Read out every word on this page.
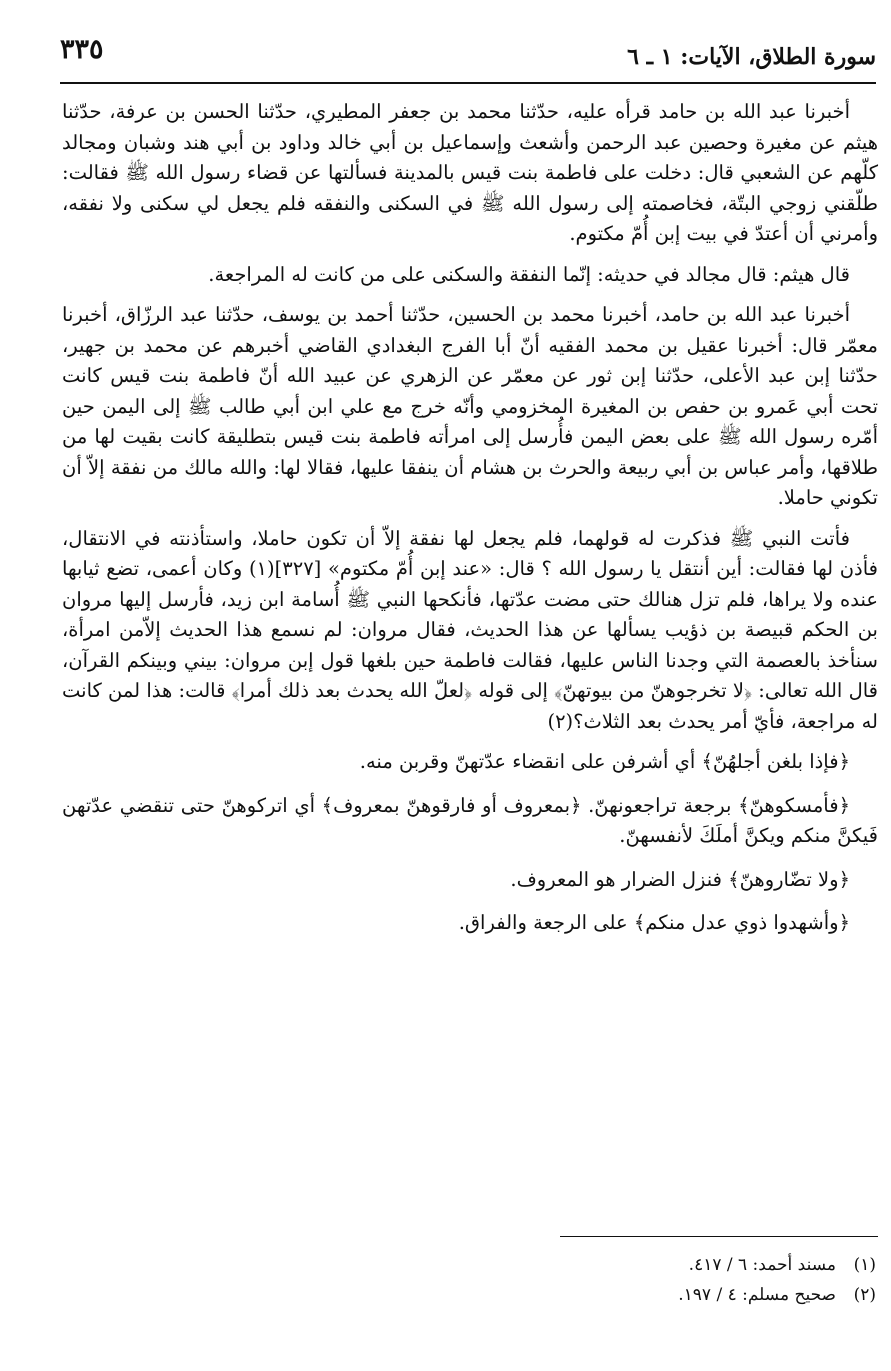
سورة الطلاق، الآيات: ١ ـ ٦
٣٣٥

أخبرنا عبد الله بن حامد قرأه عليه، حدّثنا محمد بن جعفر المطيري، حدّثنا الحسن بن عرفة، حدّثنا هيثم عن مغيرة وحصين عبد الرحمن وأشعث وإسماعيل بن أبي خالد وداود بن أبي هند وشبان ومجالد كلّهم عن الشعبي قال: دخلت على فاطمة بنت قيس بالمدينة فسألتها عن قضاء رسول الله ﷺ فقالت: طلّقني زوجي البتّة، فخاصمته إلى رسول الله ﷺ في السكنى والنفقه فلم يجعل لي سكنى ولا نفقه، وأمرني أن أعتدّ في بيت إبن أُمّ مكتوم.

قال هيثم: قال مجالد في حديثه: إنّما النفقة والسكنى على من كانت له المراجعة.

أخبرنا عبد الله بن حامد، أخبرنا محمد بن الحسين، حدّثنا أحمد بن يوسف، حدّثنا عبد الرزّاق، أخبرنا معمّر قال: أخبرنا عقيل بن محمد الفقيه أنّ أبا الفرج البغدادي القاضي أخبرهم عن محمد بن جهير، حدّثنا إبن عبد الأعلى، حدّثنا إبن ثور عن معمّر عن الزهري عن عبيد الله أنّ فاطمة بنت قيس كانت تحت أبي عَمرو بن حفص بن المغيرة المخزومي وأنّه خرج مع علي ابن أبي طالب ﷺ إلى اليمن حين أمّره رسول الله ﷺ على بعض اليمن فأُرسل إلى امرأته فاطمة بنت قيس بتطليقة كانت بقيت لها من طلاقها، وأمر عباس بن أبي ربيعة والحرث بن هشام أن ينفقا عليها، فقالا لها: والله مالك من نفقة إلاّ أن تكوني حاملا.

فأتت النبي ﷺ فذكرت له قولهما، فلم يجعل لها نفقة إلاّ أن تكون حاملا، واستأذنته في الانتقال، فأذن لها فقالت: أين أنتقل يا رسول الله ؟ قال: «عند إبن أُمّ مكتوم» [٣٢٧](١) وكان أعمى، تضع ثيابها عنده ولا يراها، فلم تزل هنالك حتى مضت عدّتها، فأنكحها النبي ﷺ أُسامة ابن زيد، فأرسل إليها مروان بن الحكم قبيصة بن ذؤيب يسألها عن هذا الحديث، فقال مروان: لم نسمع هذا الحديث إلاّمن امرأة، سنأخذ بالعصمة التي وجدنا الناس عليها، فقالت فاطمة حين بلغها قول إبن مروان: بيني وبينكم القرآن، قال الله تعالى: ﴿لا تخرجوهنّ من بيوتهنّ﴾ إلى قوله ﴿لعلّ الله يحدث بعد ذلك أمرا﴾ قالت: هذا لمن كانت له مراجعة، فأيّ أمر يحدث بعد الثلاث؟(٢)

﴿فإذا بلغن أجلهُنّ﴾ أي أشرفن على انقضاء عدّتهنّ وقربن منه.

﴿فأمسكوهنّ﴾ برجعة تراجعونهنّ. ﴿بمعروف أو فارقوهنّ بمعروف﴾ أي اتركوهنّ حتى تنقضي عدّتهن فَيكنَّ منكم ويكنَّ أملَكَ لأنفسهنّ.

﴿ولا تضّاروهنّ﴾ فنزل الضرار هو المعروف.

﴿وأشهدوا ذوي عدل منكم﴾ على الرجعة والفراق.

(١)مسند أحمد: ٦ / ٤١٧.
(٢)صحيح مسلم: ٤ / ١٩٧.
